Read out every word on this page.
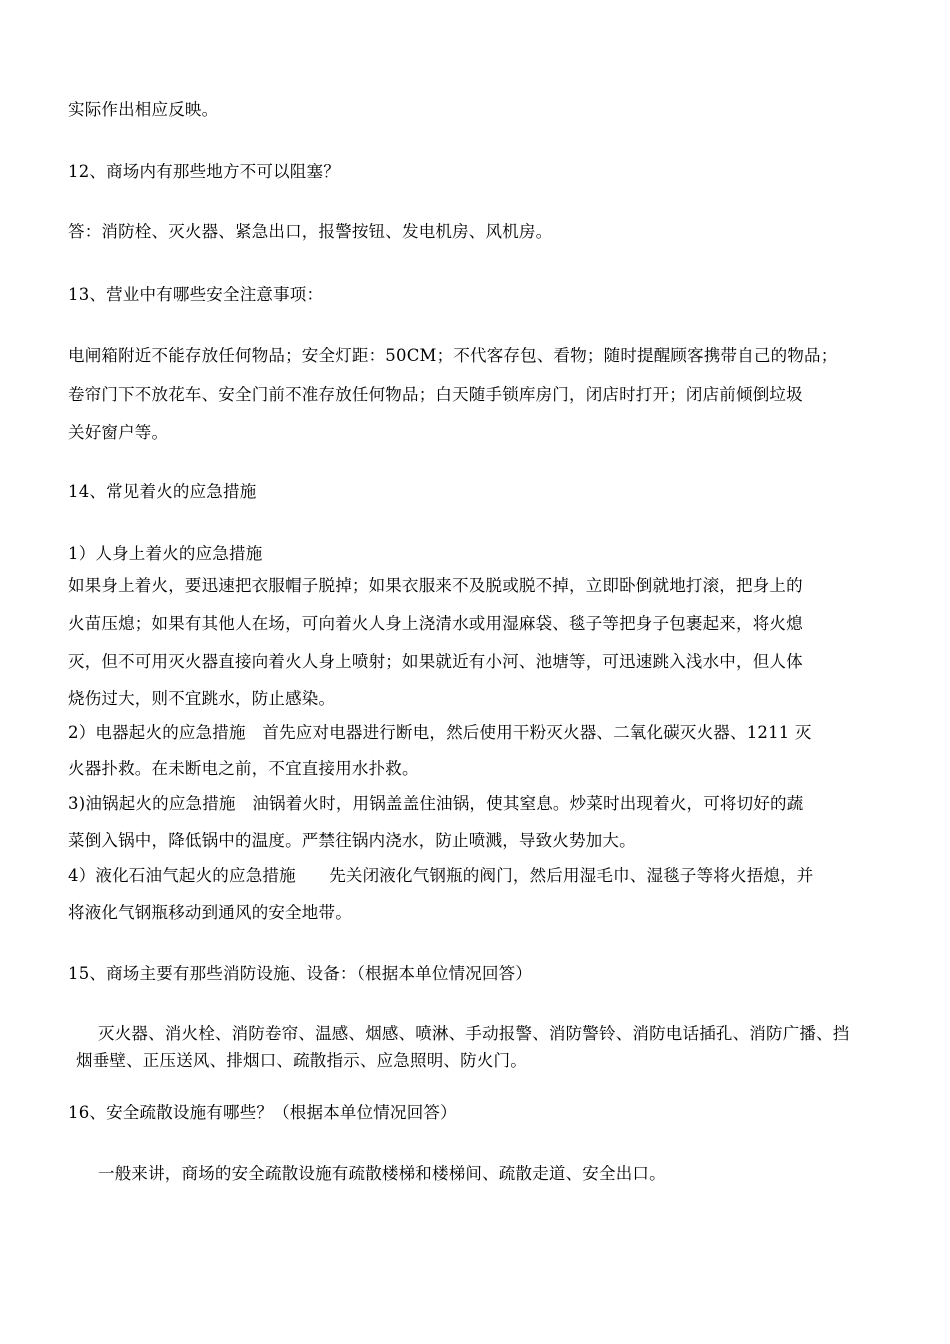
实际作出相应反映。
12、商场内有那些地方不可以阻塞？
答：消防栓、灭火器、紧急出口，报警按钮、发电机房、风机房。
13、营业中有哪些安全注意事项：
电闸箱附近不能存放任何物品；安全灯距：50CM；不代客存包、看物；随时提醒顾客携带自己的物品；
卷帘门下不放花车、安全门前不准存放任何物品；白天随手锁库房门，闭店时打开；闭店前倾倒垃圾
关好窗户等。
14、常见着火的应急措施
1）人身上着火的应急措施
如果身上着火，要迅速把衣服帽子脱掉；如果衣服来不及脱或脱不掉，立即卧倒就地打滚，把身上的
火苗压熄；如果有其他人在场，可向着火人身上浇清水或用湿麻袋、毯子等把身子包裹起来，将火熄
灭，但不可用灭火器直接向着火人身上喷射；如果就近有小河、池塘等，可迅速跳入浅水中，但人体
烧伤过大，则不宜跳水，防止感染。
2）电器起火的应急措施　首先应对电器进行断电，然后使用干粉灭火器、二氧化碳灭火器、1211 灭
火器扑救。在未断电之前，不宜直接用水扑救。
3)油锅起火的应急措施　油锅着火时，用锅盖盖住油锅，使其窒息。炒菜时出现着火，可将切好的蔬
菜倒入锅中，降低锅中的温度。严禁往锅内浇水，防止喷溅，导致火势加大。
4）液化石油气起火的应急措施　　先关闭液化气钢瓶的阀门，然后用湿毛巾、湿毯子等将火捂熄，并
将液化气钢瓶移动到通风的安全地带。
15、商场主要有那些消防设施、设备：（根据本单位情况回答）
灭火器、消火栓、消防卷帘、温感、烟感、喷淋、手动报警、消防警铃、消防电话插孔、消防广播、挡
烟垂壁、正压送风、排烟口、疏散指示、应急照明、防火门。
16、安全疏散设施有哪些？（根据本单位情况回答）
一般来讲，商场的安全疏散设施有疏散楼梯和楼梯间、疏散走道、安全出口。
